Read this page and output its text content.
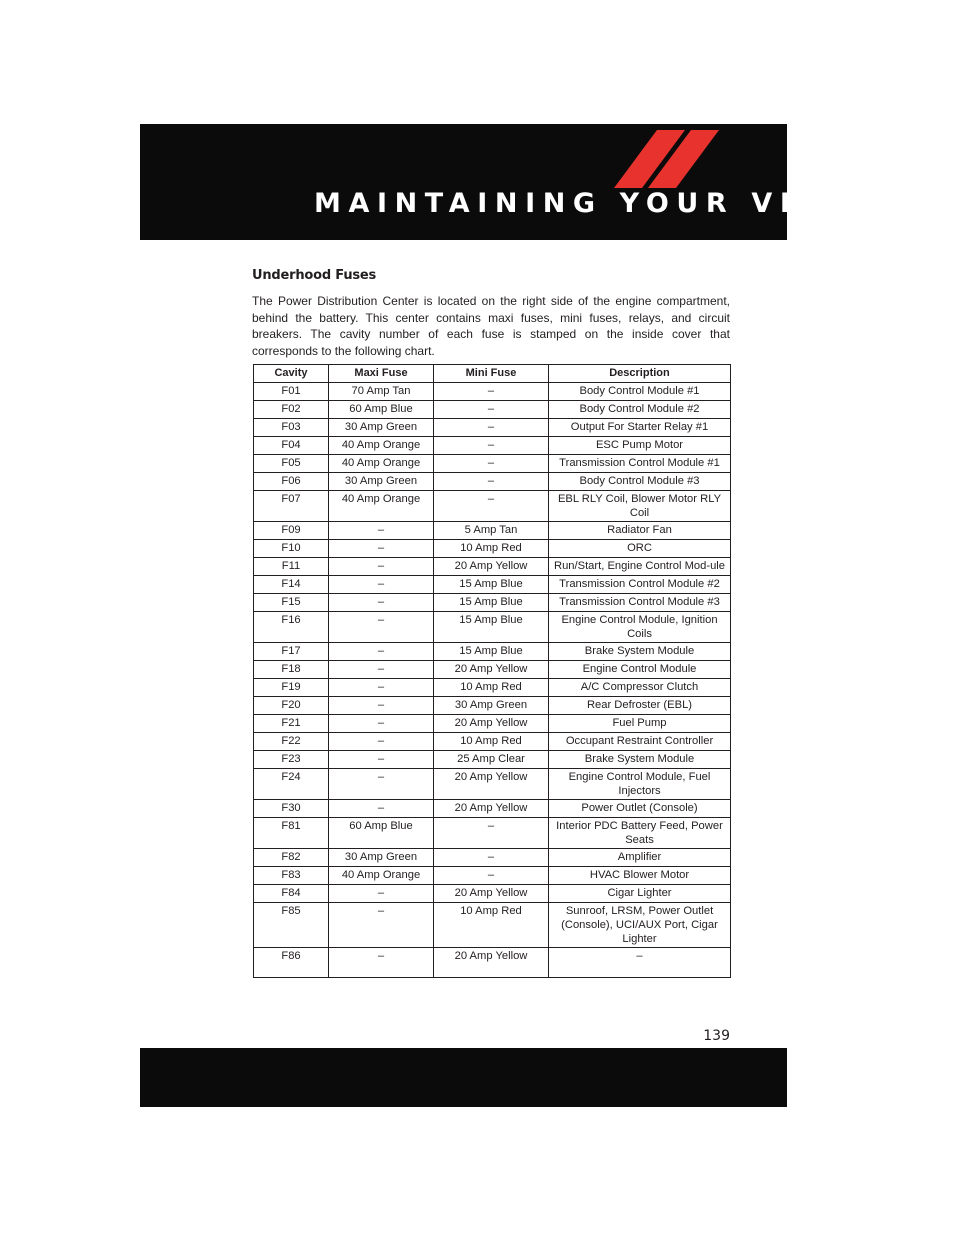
MAINTAINING YOUR VEHICLE
Underhood Fuses
The Power Distribution Center is located on the right side of the engine compartment, behind the battery. This center contains maxi fuses, mini fuses, relays, and circuit breakers. The cavity number of each fuse is stamped on the inside cover that corresponds to the following chart.
Cavity	Maxi Fuse	Mini Fuse	Description
F01	70 Amp Tan	–	Body Control Module #1
F02	60 Amp Blue	–	Body Control Module #2
F03	30 Amp Green	–	Output For Starter Relay #1
F04	40 Amp Orange	–	ESC Pump Motor
F05	40 Amp Orange	–	Transmission Control Module #1
F06	30 Amp Green	–	Body Control Module #3
F07	40 Amp Orange	–	EBL RLY Coil, Blower Motor RLY Coil
F09	–	5 Amp Tan	Radiator Fan
F10	–	10 Amp Red	ORC
F11	–	20 Amp Yellow	Run/Start, Engine Control Mod-ule
F14	–	15 Amp Blue	Transmission Control Module #2
F15	–	15 Amp Blue	Transmission Control Module #3
F16	–	15 Amp Blue	Engine Control Module, Ignition Coils
F17	–	15 Amp Blue	Brake System Module
F18	–	20 Amp Yellow	Engine Control Module
F19	–	10 Amp Red	A/C Compressor Clutch
F20	–	30 Amp Green	Rear Defroster (EBL)
F21	–	20 Amp Yellow	Fuel Pump
F22	–	10 Amp Red	Occupant Restraint Controller
F23	–	25 Amp Clear	Brake System Module
F24	–	20 Amp Yellow	Engine Control Module, Fuel Injectors
F30	–	20 Amp Yellow	Power Outlet (Console)
F81	60 Amp Blue	–	Interior PDC Battery Feed, Power Seats
F82	30 Amp Green	–	Amplifier
F83	40 Amp Orange	–	HVAC Blower Motor
F84	–	20 Amp Yellow	Cigar Lighter
F85	–	10 Amp Red	Sunroof, LRSM, Power Outlet (Console), UCI/AUX Port, Cigar Lighter
F86	–	20 Amp Yellow	–
139
